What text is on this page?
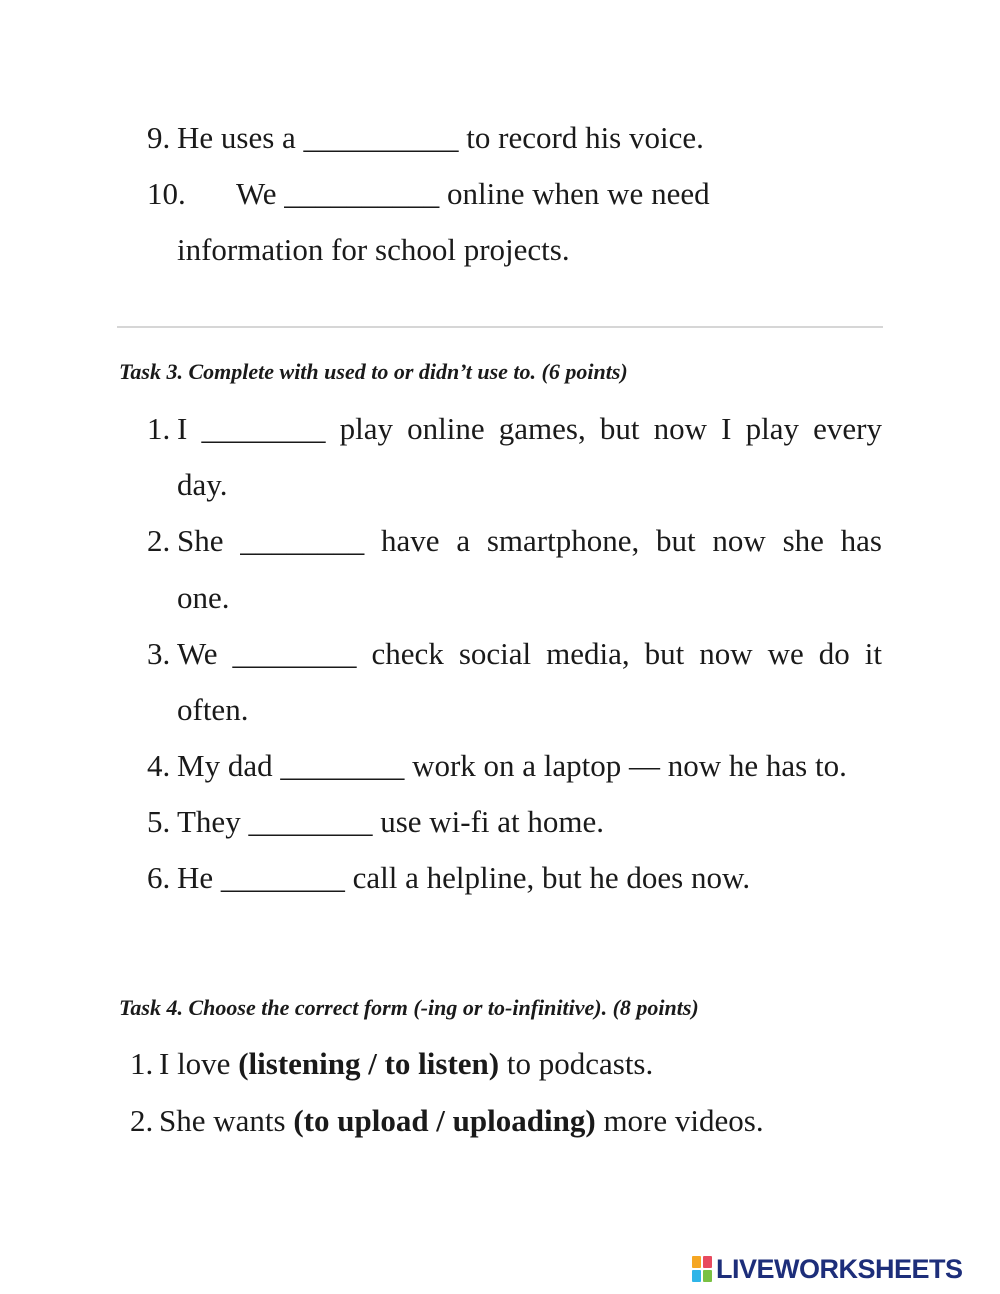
9. He uses a __________ to record his voice.
10. We __________ online when we need
information for school projects.
Task 3. Complete with used to or didn’t use to. (6 points)
1. I ________ play online games, but now I play every
day.
2. She ________ have a smartphone, but now she has
one.
3. We ________ check social media, but now we do it
often.
4. My dad ________ work on a laptop — now he has to.
5. They ________ use wi-fi at home.
6. He ________ call a helpline, but he does now.
Task 4. Choose the correct form (-ing or to-infinitive). (8 points)
1. I love (listening / to listen) to podcasts.
2. She wants (to upload / uploading) more videos.
LIVEWORKSHEETS
